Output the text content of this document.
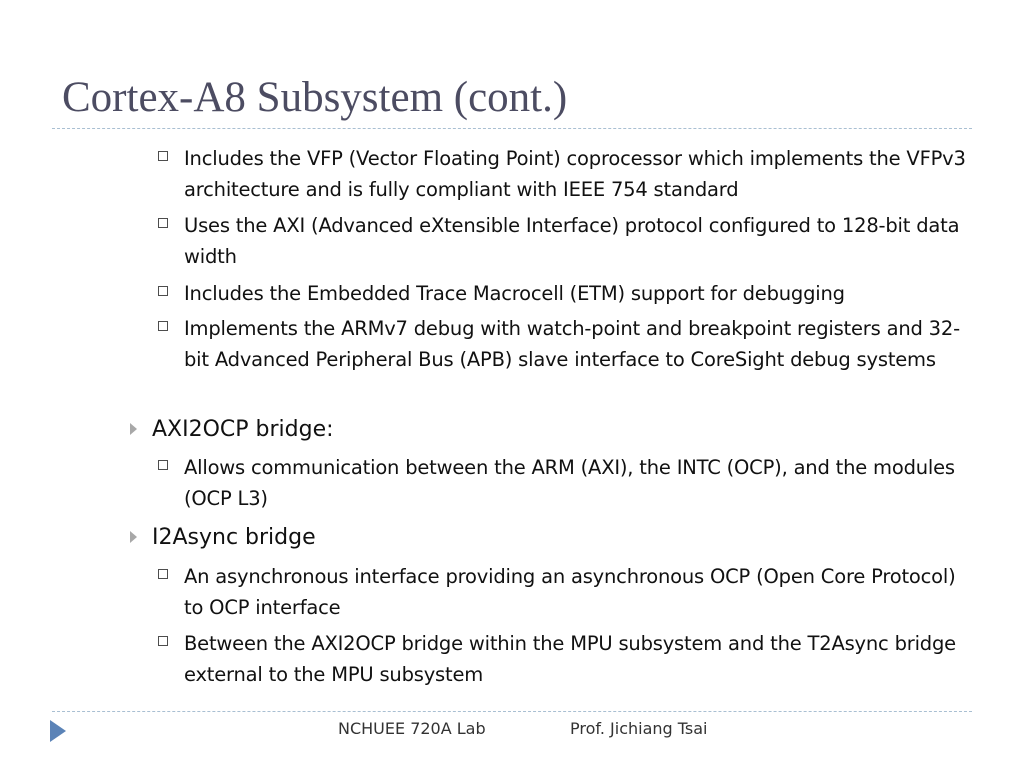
Cortex-A8 Subsystem (cont.)
Includes the VFP (Vector Floating Point) coprocessor which implements the VFPv3 architecture and is fully compliant with IEEE 754 standard
Uses the AXI (Advanced eXtensible Interface) protocol configured to 128-bit data width
Includes the Embedded Trace Macrocell (ETM) support for debugging
Implements the ARMv7 debug with watch-point and breakpoint registers and 32-bit Advanced Peripheral Bus (APB) slave interface to CoreSight debug systems
AXI2OCP bridge:
Allows communication between the ARM (AXI), the INTC (OCP), and the modules (OCP L3)
I2Async bridge
An asynchronous interface providing an asynchronous OCP (Open Core Protocol) to OCP interface
Between the AXI2OCP bridge within the MPU subsystem and the T2Async bridge external to the MPU subsystem
NCHUEE 720A Lab	Prof. Jichiang Tsai
